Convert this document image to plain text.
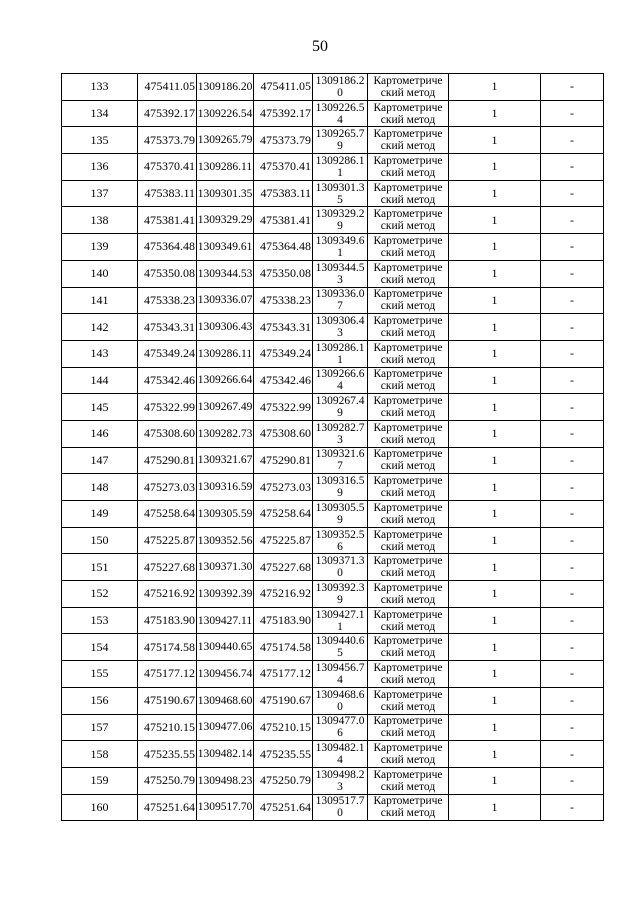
50
133	475411.05	1309186.20	475411.05	1309186.20	Картометриче
ский метод	1	-
134	475392.17	1309226.54	475392.17	1309226.54	Картометриче
ский метод	1	-
135	475373.79	1309265.79	475373.79	1309265.79	Картометриче
ский метод	1	-
136	475370.41	1309286.11	475370.41	1309286.11	Картометриче
ский метод	1	-
137	475383.11	1309301.35	475383.11	1309301.35	Картометриче
ский метод	1	-
138	475381.41	1309329.29	475381.41	1309329.29	Картометриче
ский метод	1	-
139	475364.48	1309349.61	475364.48	1309349.61	Картометриче
ский метод	1	-
140	475350.08	1309344.53	475350.08	1309344.53	Картометриче
ский метод	1	-
141	475338.23	1309336.07	475338.23	1309336.07	Картометриче
ский метод	1	-
142	475343.31	1309306.43	475343.31	1309306.43	Картометриче
ский метод	1	-
143	475349.24	1309286.11	475349.24	1309286.11	Картометриче
ский метод	1	-
144	475342.46	1309266.64	475342.46	1309266.64	Картометриче
ский метод	1	-
145	475322.99	1309267.49	475322.99	1309267.49	Картометриче
ский метод	1	-
146	475308.60	1309282.73	475308.60	1309282.73	Картометриче
ский метод	1	-
147	475290.81	1309321.67	475290.81	1309321.67	Картометриче
ский метод	1	-
148	475273.03	1309316.59	475273.03	1309316.59	Картометриче
ский метод	1	-
149	475258.64	1309305.59	475258.64	1309305.59	Картометриче
ский метод	1	-
150	475225.87	1309352.56	475225.87	1309352.56	Картометриче
ский метод	1	-
151	475227.68	1309371.30	475227.68	1309371.30	Картометриче
ский метод	1	-
152	475216.92	1309392.39	475216.92	1309392.39	Картометриче
ский метод	1	-
153	475183.90	1309427.11	475183.90	1309427.11	Картометриче
ский метод	1	-
154	475174.58	1309440.65	475174.58	1309440.65	Картометриче
ский метод	1	-
155	475177.12	1309456.74	475177.12	1309456.74	Картометриче
ский метод	1	-
156	475190.67	1309468.60	475190.67	1309468.60	Картометриче
ский метод	1	-
157	475210.15	1309477.06	475210.15	1309477.06	Картометриче
ский метод	1	-
158	475235.55	1309482.14	475235.55	1309482.14	Картометриче
ский метод	1	-
159	475250.79	1309498.23	475250.79	1309498.23	Картометриче
ский метод	1	-
160	475251.64	1309517.70	475251.64	1309517.70	Картометриче
ский метод	1	-
